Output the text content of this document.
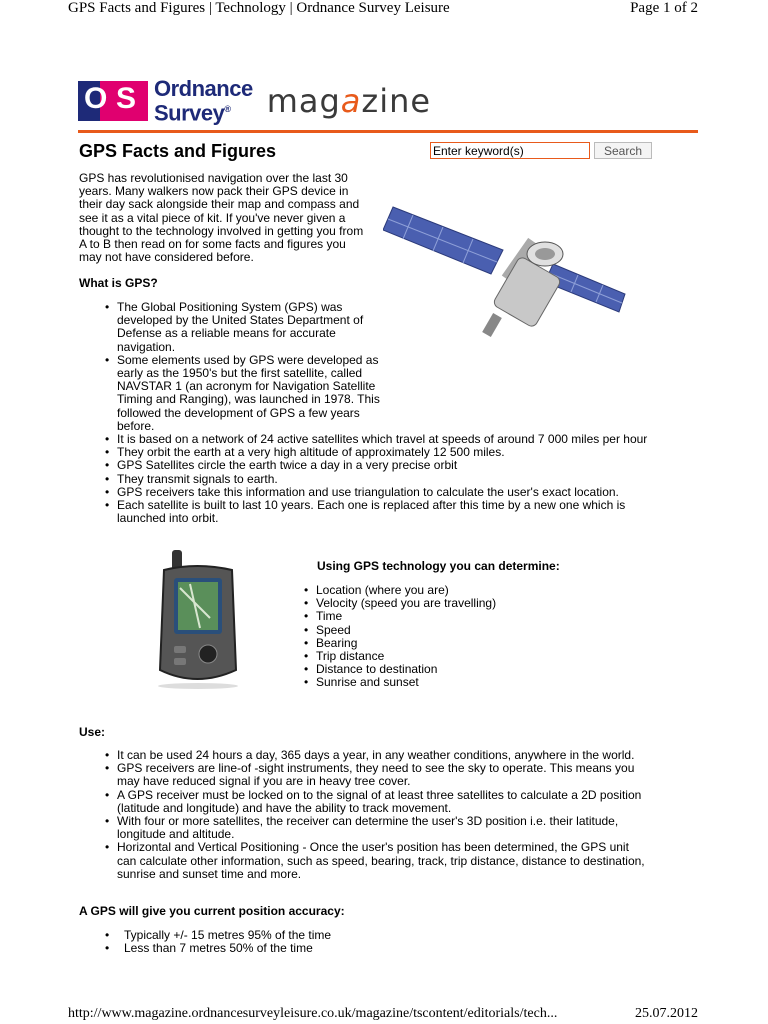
GPS Facts and Figures | Technology | Ordnance Survey Leisure	Page 1 of 2
O S Ordnance
Survey®	magazine
GPS Facts and Figures
Enter keyword(s)	Search

GPS has revolutionised navigation over the last 30 years. Many walkers now pack their GPS device in their day sack alongside their map and compass and see it as a vital piece of kit. If you've never given a thought to the technology involved in getting you from A to B then read on for some facts and figures you may not have considered before.

What is GPS?

• The Global Positioning System (GPS) was developed by the United States Department of Defense as a reliable means for accurate navigation.
• Some elements used by GPS were developed as early as the 1950's but the first satellite, called NAVSTAR 1 (an acronym for Navigation Satellite Timing and Ranging), was launched in 1978. This followed the development of GPS a few years before.
• It is based on a network of 24 active satellites which travel at speeds of around 7 000 miles per hour
• They orbit the earth at a very high altitude of approximately 12 500 miles.
• GPS Satellites circle the earth twice a day in a very precise orbit
• They transmit signals to earth.
• GPS receivers take this information and use triangulation to calculate the user's exact location.
• Each satellite is built to last 10 years. Each one is replaced after this time by a new one which is launched into orbit.

Using GPS technology you can determine:

• Location (where you are)
• Velocity (speed you are travelling)
• Time
• Speed
• Bearing
• Trip distance
• Distance to destination
• Sunrise and sunset

Use:

• It can be used 24 hours a day, 365 days a year, in any weather conditions, anywhere in the world.
• GPS receivers are line-of -sight instruments, they need to see the sky to operate. This means you may have reduced signal if you are in heavy tree cover.
• A GPS receiver must be locked on to the signal of at least three satellites to calculate a 2D position (latitude and longitude) and have the ability to track movement.
• With four or more satellites, the receiver can determine the user's 3D position i.e. their latitude, longitude and altitude.
• Horizontal and Vertical Positioning - Once the user's position has been determined, the GPS unit can calculate other information, such as speed, bearing, track, trip distance, distance to destination, sunrise and sunset time and more.

A GPS will give you current position accuracy:

• Typically +/- 15 metres 95% of the time
• Less than 7 metres 50% of the time
http://www.magazine.ordnancesurveyleisure.co.uk/magazine/tscontent/editorials/tech...	25.07.2012
